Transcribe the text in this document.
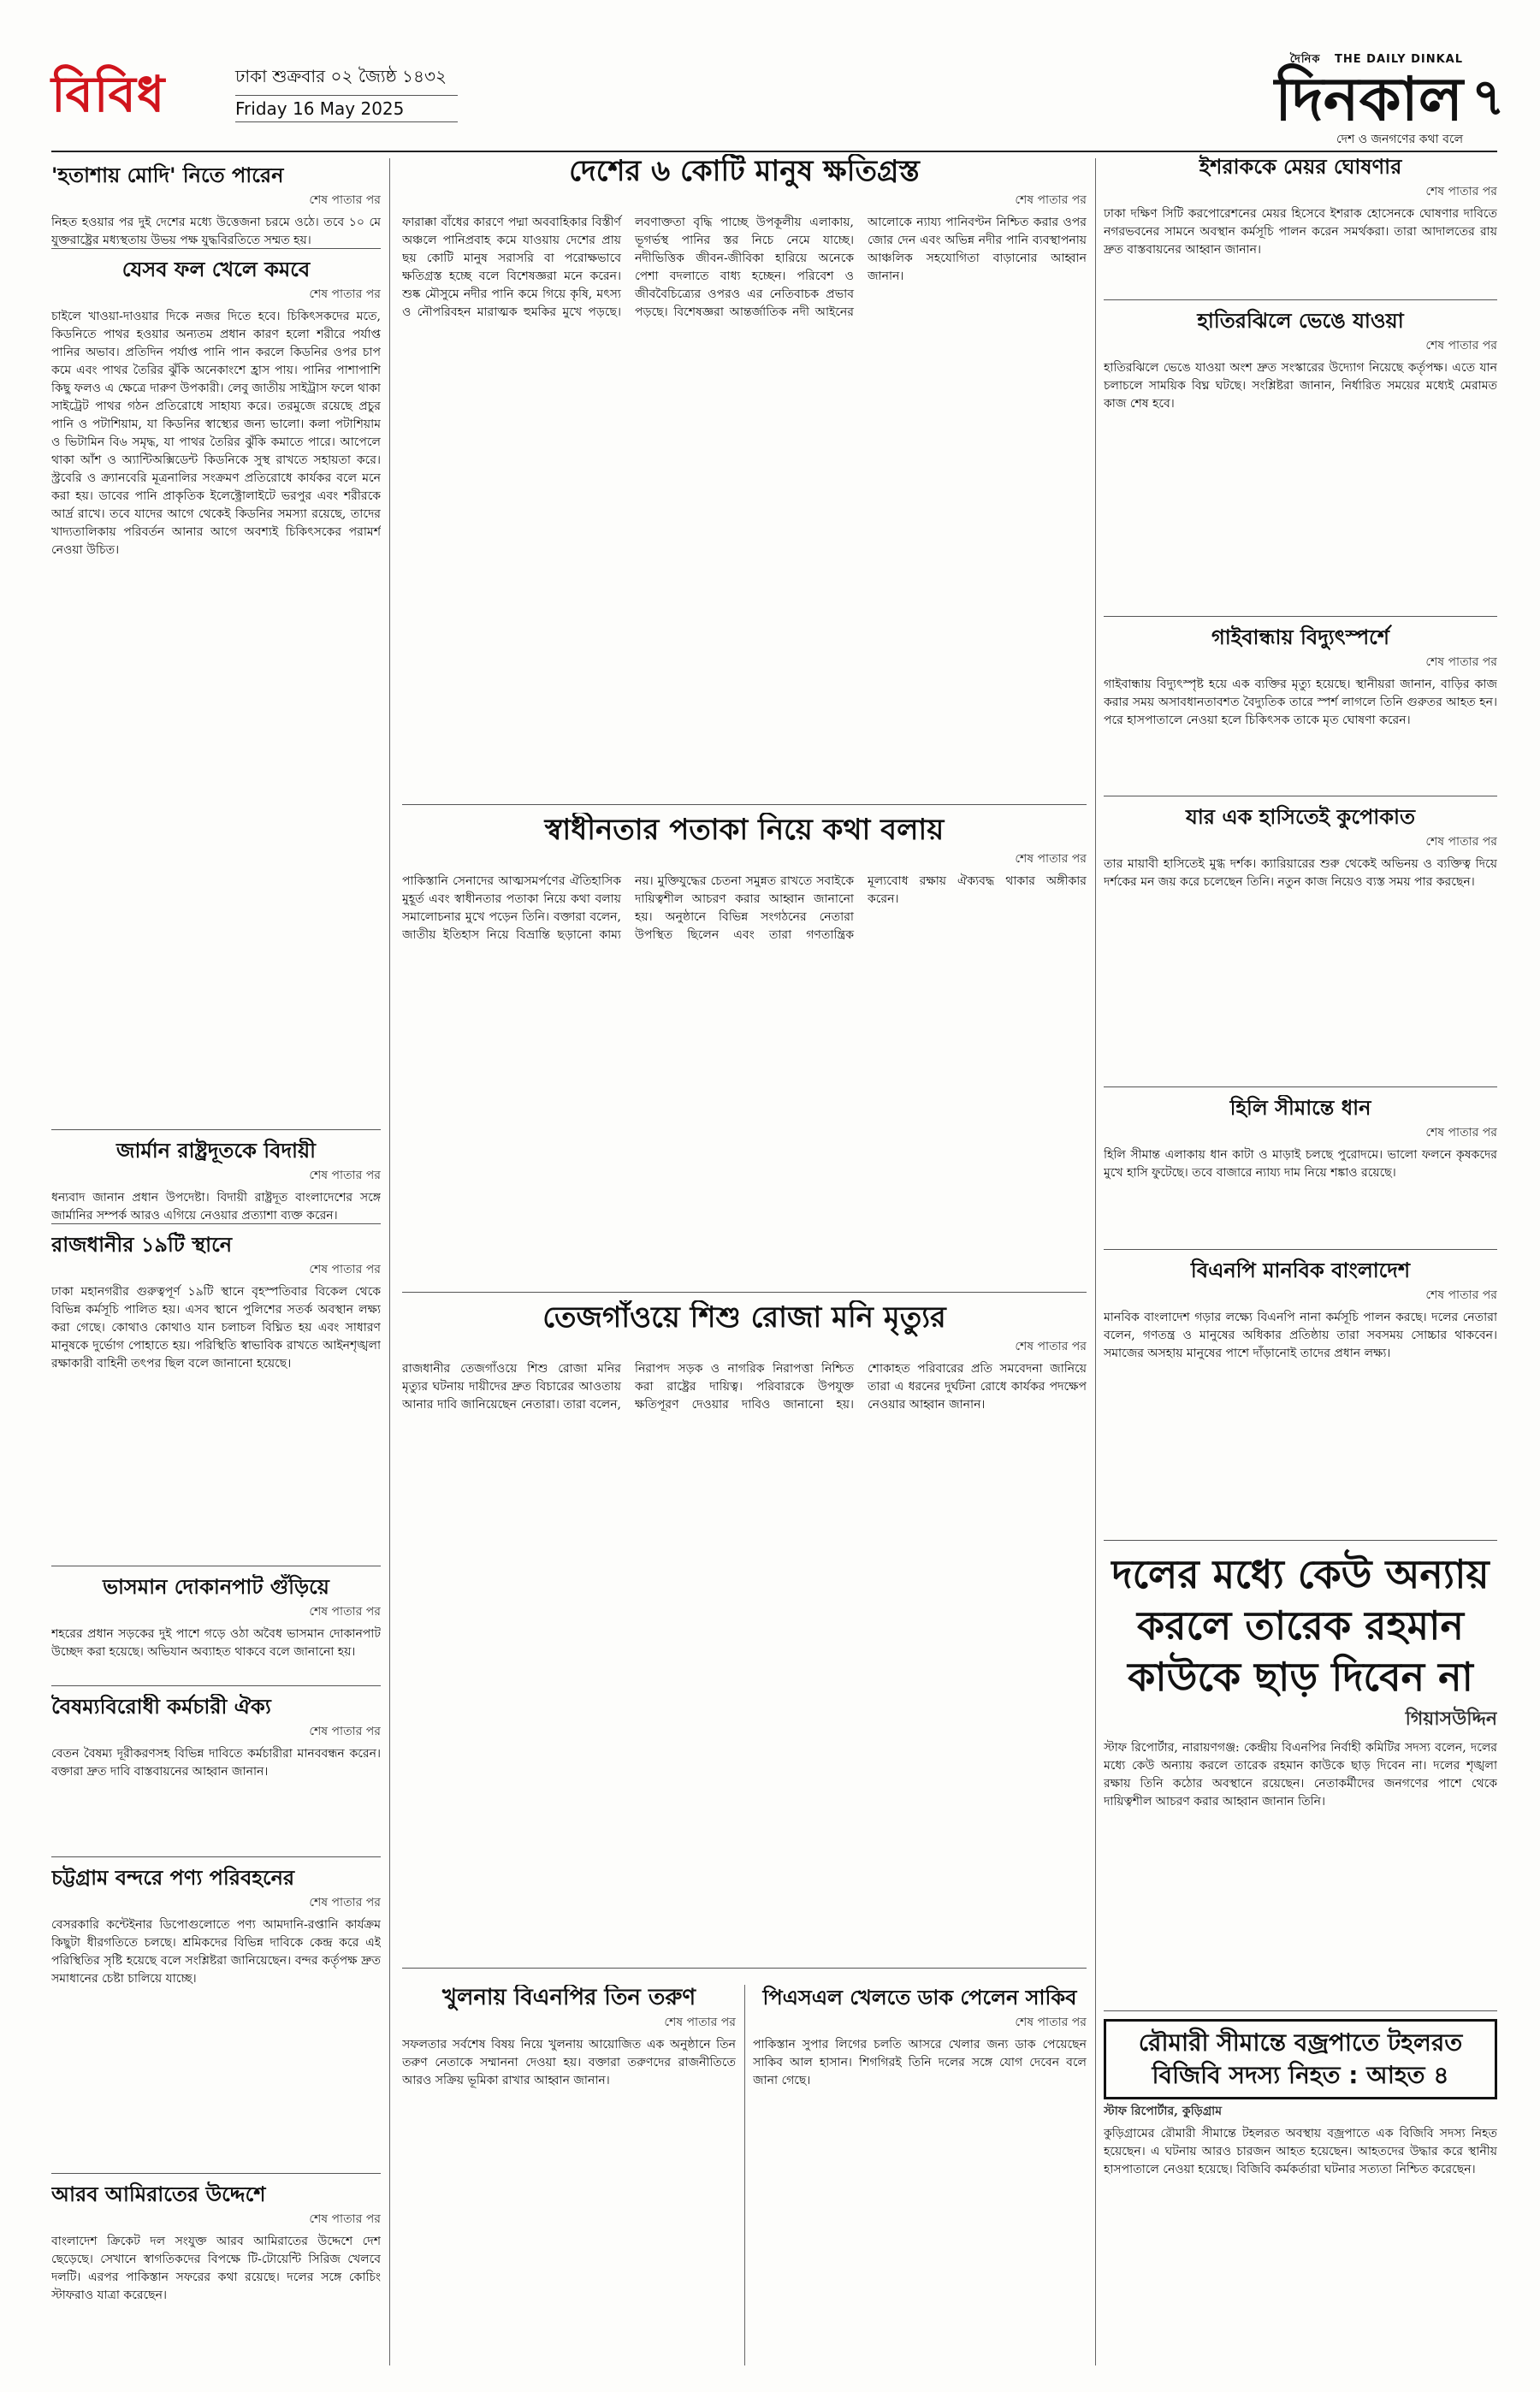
বিবিধ	ঢাকা শুক্রবার ০২ জ্যৈষ্ঠ ১৪৩২
Friday 16 May 2025
দৈনিক THE DAILY DINKAL
দিনকাল
দেশ ও জনগণের কথা বলে
৭
'হতাশায় মোদি' নিতে পারেন
শেষ পাতার পর
নিহত হওয়ার পর দুই দেশের মধ্যে উত্তেজনা চরমে ওঠে। তবে ১০ মে যুক্তরাষ্ট্রের মধ্যস্থতায় উভয় পক্ষ যুদ্ধবিরতিতে সম্মত হয়।
যেসব ফল খেলে কমবে
শেষ পাতার পর
চাইলে খাওয়া-দাওয়ার দিকে নজর দিতে হবে। চিকিৎসকদের মতে, কিডনিতে পাথর হওয়ার অন্যতম প্রধান কারণ হলো শরীরে পর্যাপ্ত পানির অভাব। প্রতিদিন পর্যাপ্ত পানি পান করলে কিডনির ওপর চাপ কমে এবং পাথর তৈরির ঝুঁকি অনেকাংশে হ্রাস পায়। পানির পাশাপাশি কিছু ফলও এ ক্ষেত্রে দারুণ উপকারী। লেবু জাতীয় সাইট্রাস ফলে থাকা সাইট্রেট পাথর গঠন প্রতিরোধে সাহায্য করে। তরমুজে রয়েছে প্রচুর পানি ও পটাশিয়াম, যা কিডনির স্বাস্থ্যের জন্য ভালো। কলা পটাশিয়াম ও ভিটামিন বি৬ সমৃদ্ধ, যা পাথর তৈরির ঝুঁকি কমাতে পারে। আপেলে থাকা আঁশ ও অ্যান্টিঅক্সিডেন্ট কিডনিকে সুস্থ রাখতে সহায়তা করে। স্ট্রবেরি ও ক্র্যানবেরি মূত্রনালির সংক্রমণ প্রতিরোধে কার্যকর বলে মনে করা হয়। ডাবের পানি প্রাকৃতিক ইলেক্ট্রোলাইটে ভরপুর এবং শরীরকে আর্দ্র রাখে। তবে যাদের আগে থেকেই কিডনির সমস্যা রয়েছে, তাদের খাদ্যতালিকায় পরিবর্তন আনার আগে অবশ্যই চিকিৎসকের পরামর্শ নেওয়া উচিত।
জার্মান রাষ্ট্রদূতকে বিদায়ী
শেষ পাতার পর
ধন্যবাদ জানান প্রধান উপদেষ্টা। বিদায়ী রাষ্ট্রদূত বাংলাদেশের সঙ্গে জার্মানির সম্পর্ক আরও এগিয়ে নেওয়ার প্রত্যাশা ব্যক্ত করেন।
রাজধানীর ১৯টি স্থানে
শেষ পাতার পর
ঢাকা মহানগরীর গুরুত্বপূর্ণ ১৯টি স্থানে বৃহস্পতিবার বিকেল থেকে বিভিন্ন কর্মসূচি পালিত হয়। এসব স্থানে পুলিশের সতর্ক অবস্থান লক্ষ্য করা গেছে। কোথাও কোথাও যান চলাচল বিঘ্নিত হয় এবং সাধারণ মানুষকে দুর্ভোগ পোহাতে হয়। পরিস্থিতি স্বাভাবিক রাখতে আইনশৃঙ্খলা রক্ষাকারী বাহিনী তৎপর ছিল বলে জানানো হয়েছে।
ভাসমান দোকানপাট গুঁড়িয়ে
শেষ পাতার পর
শহরের প্রধান সড়কের দুই পাশে গড়ে ওঠা অবৈধ ভাসমান দোকানপাট উচ্ছেদ করা হয়েছে। অভিযান অব্যাহত থাকবে বলে জানানো হয়।
বৈষম্যবিরোধী কর্মচারী ঐক্য
শেষ পাতার পর
বেতন বৈষম্য দূরীকরণসহ বিভিন্ন দাবিতে কর্মচারীরা মানববন্ধন করেন। বক্তারা দ্রুত দাবি বাস্তবায়নের আহ্বান জানান।
চট্টগ্রাম বন্দরে পণ্য পরিবহনের
শেষ পাতার পর
বেসরকারি কন্টেইনার ডিপোগুলোতে পণ্য আমদানি-রপ্তানি কার্যক্রম কিছুটা ধীরগতিতে চলছে। শ্রমিকদের বিভিন্ন দাবিকে কেন্দ্র করে এই পরিস্থিতির সৃষ্টি হয়েছে বলে সংশ্লিষ্টরা জানিয়েছেন। বন্দর কর্তৃপক্ষ দ্রুত সমাধানের চেষ্টা চালিয়ে যাচ্ছে।
আরব আমিরাতের উদ্দেশে
শেষ পাতার পর
বাংলাদেশ ক্রিকেট দল সংযুক্ত আরব আমিরাতের উদ্দেশে দেশ ছেড়েছে। সেখানে স্বাগতিকদের বিপক্ষে টি-টোয়েন্টি সিরিজ খেলবে দলটি। এরপর পাকিস্তান সফরের কথা রয়েছে। দলের সঙ্গে কোচিং স্টাফরাও যাত্রা করেছেন।
দেশের ৬ কোটি মানুষ ক্ষতিগ্রস্ত
শেষ পাতার পর
ফারাক্কা বাঁধের কারণে পদ্মা অববাহিকার বিস্তীর্ণ অঞ্চলে পানিপ্রবাহ কমে যাওয়ায় দেশের প্রায় ছয় কোটি মানুষ সরাসরি বা পরোক্ষভাবে ক্ষতিগ্রস্ত হচ্ছে বলে বিশেষজ্ঞরা মনে করেন। শুষ্ক মৌসুমে নদীর পানি কমে গিয়ে কৃষি, মৎস্য ও নৌপরিবহন মারাত্মক হুমকির মুখে পড়ছে। লবণাক্ততা বৃদ্ধি পাচ্ছে উপকূলীয় এলাকায়, ভূগর্ভস্থ পানির স্তর নিচে নেমে যাচ্ছে। নদীভিত্তিক জীবন-জীবিকা হারিয়ে অনেকে পেশা বদলাতে বাধ্য হচ্ছেন। পরিবেশ ও জীববৈচিত্র্যের ওপরও এর নেতিবাচক প্রভাব পড়ছে। বিশেষজ্ঞরা আন্তর্জাতিক নদী আইনের আলোকে ন্যায্য পানিবণ্টন নিশ্চিত করার ওপর জোর দেন এবং অভিন্ন নদীর পানি ব্যবস্থাপনায় আঞ্চলিক সহযোগিতা বাড়ানোর আহ্বান জানান।
স্বাধীনতার পতাকা নিয়ে কথা বলায়
শেষ পাতার পর
পাকিস্তানি সেনাদের আত্মসমর্পণের ঐতিহাসিক মুহূর্ত এবং স্বাধীনতার পতাকা নিয়ে কথা বলায় সমালোচনার মুখে পড়েন তিনি। বক্তারা বলেন, জাতীয় ইতিহাস নিয়ে বিভ্রান্তি ছড়ানো কাম্য নয়। মুক্তিযুদ্ধের চেতনা সমুন্নত রাখতে সবাইকে দায়িত্বশীল আচরণ করার আহ্বান জানানো হয়। অনুষ্ঠানে বিভিন্ন সংগঠনের নেতারা উপস্থিত ছিলেন এবং তারা গণতান্ত্রিক মূল্যবোধ রক্ষায় ঐক্যবদ্ধ থাকার অঙ্গীকার করেন।
তেজগাঁওয়ে শিশু রোজা মনি মৃত্যুর
শেষ পাতার পর
রাজধানীর তেজগাঁওয়ে শিশু রোজা মনির মৃত্যুর ঘটনায় দায়ীদের দ্রুত বিচারের আওতায় আনার দাবি জানিয়েছেন নেতারা। তারা বলেন, নিরাপদ সড়ক ও নাগরিক নিরাপত্তা নিশ্চিত করা রাষ্ট্রের দায়িত্ব। পরিবারকে উপযুক্ত ক্ষতিপূরণ দেওয়ার দাবিও জানানো হয়। শোকাহত পরিবারের প্রতি সমবেদনা জানিয়ে তারা এ ধরনের দুর্ঘটনা রোধে কার্যকর পদক্ষেপ নেওয়ার আহ্বান জানান।
খুলনায় বিএনপির তিন তরুণ
শেষ পাতার পর
সফলতার সর্বশেষ বিষয় নিয়ে খুলনায় আয়োজিত এক অনুষ্ঠানে তিন তরুণ নেতাকে সম্মাননা দেওয়া হয়। বক্তারা তরুণদের রাজনীতিতে আরও সক্রিয় ভূমিকা রাখার আহ্বান জানান।
পিএসএল খেলতে ডাক পেলেন সাকিব
শেষ পাতার পর
পাকিস্তান সুপার লিগের চলতি আসরে খেলার জন্য ডাক পেয়েছেন সাকিব আল হাসান। শিগগিরই তিনি দলের সঙ্গে যোগ দেবেন বলে জানা গেছে।
ইশরাককে মেয়র ঘোষণার
শেষ পাতার পর
ঢাকা দক্ষিণ সিটি করপোরেশনের মেয়র হিসেবে ইশরাক হোসেনকে ঘোষণার দাবিতে নগরভবনের সামনে অবস্থান কর্মসূচি পালন করেন সমর্থকরা। তারা আদালতের রায় দ্রুত বাস্তবায়নের আহ্বান জানান।
হাতিরঝিলে ভেঙে যাওয়া
শেষ পাতার পর
হাতিরঝিলে ভেঙে যাওয়া অংশ দ্রুত সংস্কারের উদ্যোগ নিয়েছে কর্তৃপক্ষ। এতে যান চলাচলে সাময়িক বিঘ্ন ঘটছে। সংশ্লিষ্টরা জানান, নির্ধারিত সময়ের মধ্যেই মেরামত কাজ শেষ হবে।
গাইবান্ধায় বিদ্যুৎস্পর্শে
শেষ পাতার পর
গাইবান্ধায় বিদ্যুৎস্পৃষ্ট হয়ে এক ব্যক্তির মৃত্যু হয়েছে। স্থানীয়রা জানান, বাড়ির কাজ করার সময় অসাবধানতাবশত বৈদ্যুতিক তারে স্পর্শ লাগলে তিনি গুরুতর আহত হন। পরে হাসপাতালে নেওয়া হলে চিকিৎসক তাকে মৃত ঘোষণা করেন।
যার এক হাসিতেই কুপোকাত
শেষ পাতার পর
তার মায়াবী হাসিতেই মুগ্ধ দর্শক। ক্যারিয়ারের শুরু থেকেই অভিনয় ও ব্যক্তিত্ব দিয়ে দর্শকের মন জয় করে চলেছেন তিনি। নতুন কাজ নিয়েও ব্যস্ত সময় পার করছেন।
হিলি সীমান্তে ধান
শেষ পাতার পর
হিলি সীমান্ত এলাকায় ধান কাটা ও মাড়াই চলছে পুরোদমে। ভালো ফলনে কৃষকদের মুখে হাসি ফুটেছে। তবে বাজারে ন্যায্য দাম নিয়ে শঙ্কাও রয়েছে।
বিএনপি মানবিক বাংলাদেশ
শেষ পাতার পর
মানবিক বাংলাদেশ গড়ার লক্ষ্যে বিএনপি নানা কর্মসূচি পালন করছে। দলের নেতারা বলেন, গণতন্ত্র ও মানুষের অধিকার প্রতিষ্ঠায় তারা সবসময় সোচ্চার থাকবেন। সমাজের অসহায় মানুষের পাশে দাঁড়ানোই তাদের প্রধান লক্ষ্য।
দলের মধ্যে কেউ অন্যায় করলে তারেক রহমান কাউকে ছাড় দিবেন না
গিয়াসউদ্দিন
স্টাফ রিপোর্টার, নারায়ণগঞ্জ: কেন্দ্রীয় বিএনপির নির্বাহী কমিটির সদস্য বলেন, দলের মধ্যে কেউ অন্যায় করলে তারেক রহমান কাউকে ছাড় দিবেন না। দলের শৃঙ্খলা রক্ষায় তিনি কঠোর অবস্থানে রয়েছেন। নেতাকর্মীদের জনগণের পাশে থেকে দায়িত্বশীল আচরণ করার আহ্বান জানান তিনি।
রৌমারী সীমান্তে বজ্রপাতে টহলরত বিজিবি সদস্য নিহত : আহত ৪
স্টাফ রিপোর্টার, কুড়িগ্রাম
কুড়িগ্রামের রৌমারী সীমান্তে টহলরত অবস্থায় বজ্রপাতে এক বিজিবি সদস্য নিহত হয়েছেন। এ ঘটনায় আরও চারজন আহত হয়েছেন। আহতদের উদ্ধার করে স্থানীয় হাসপাতালে নেওয়া হয়েছে। বিজিবি কর্মকর্তারা ঘটনার সত্যতা নিশ্চিত করেছেন।
